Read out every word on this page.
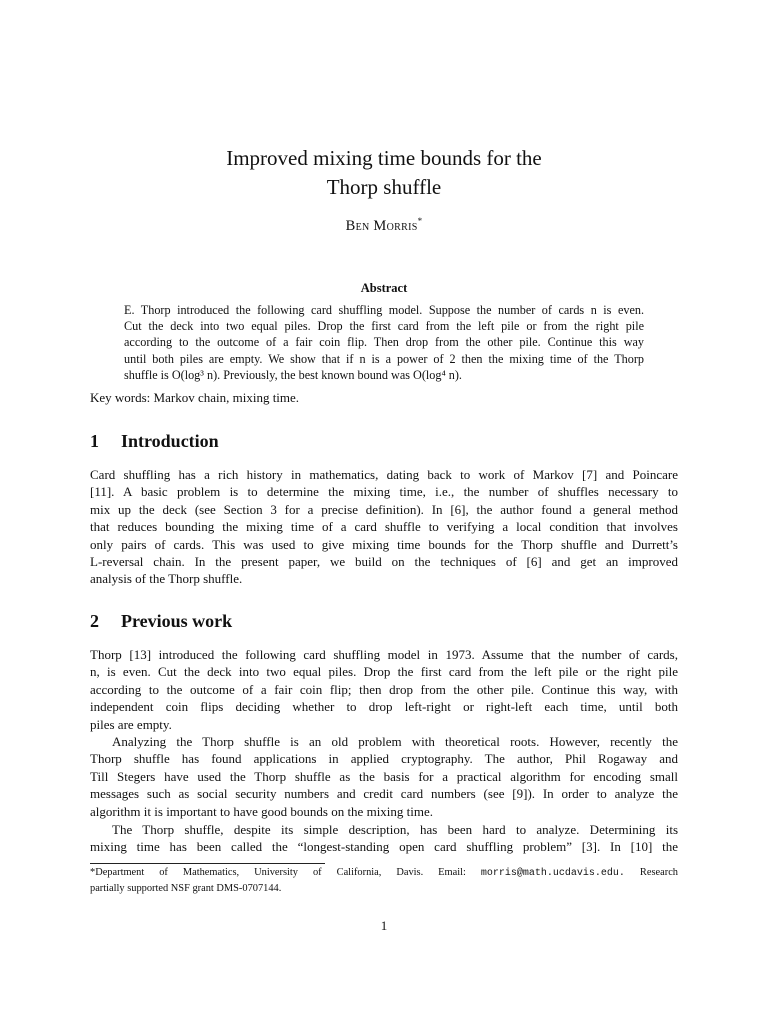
Improved mixing time bounds for the
Thorp shuffle
Ben Morris*
Abstract
E. Thorp introduced the following card shuffling model. Suppose the number of cards n is even.
Cut the deck into two equal piles. Drop the first card from the left pile or from the right pile
according to the outcome of a fair coin flip. Then drop from the other pile. Continue this way
until both piles are empty. We show that if n is a power of 2 then the mixing time of the Thorp
shuffle is O(log³ n). Previously, the best known bound was O(log⁴ n).
Key words: Markov chain, mixing time.
1 Introduction
Card shuffling has a rich history in mathematics, dating back to work of Markov [7] and Poincare
[11]. A basic problem is to determine the mixing time, i.e., the number of shuffles necessary to
mix up the deck (see Section 3 for a precise definition). In [6], the author found a general method
that reduces bounding the mixing time of a card shuffle to verifying a local condition that involves
only pairs of cards. This was used to give mixing time bounds for the Thorp shuffle and Durrett’s
L-reversal chain. In the present paper, we build on the techniques of [6] and get an improved
analysis of the Thorp shuffle.
2 Previous work
Thorp [13] introduced the following card shuffling model in 1973. Assume that the number of cards,
n, is even. Cut the deck into two equal piles. Drop the first card from the left pile or the right pile
according to the outcome of a fair coin flip; then drop from the other pile. Continue this way, with
independent coin flips deciding whether to drop left-right or right-left each time, until both
piles are empty.
Analyzing the Thorp shuffle is an old problem with theoretical roots. However, recently the
Thorp shuffle has found applications in applied cryptography. The author, Phil Rogaway and
Till Stegers have used the Thorp shuffle as the basis for a practical algorithm for encoding small
messages such as social security numbers and credit card numbers (see [9]). In order to analyze the
algorithm it is important to have good bounds on the mixing time.
The Thorp shuffle, despite its simple description, has been hard to analyze. Determining its
mixing time has been called the “longest-standing open card shuffling problem” [3]. In [10] the
*Department of Mathematics, University of California, Davis. Email: morris@math.ucdavis.edu. Research
partially supported NSF grant DMS-0707144.
1
